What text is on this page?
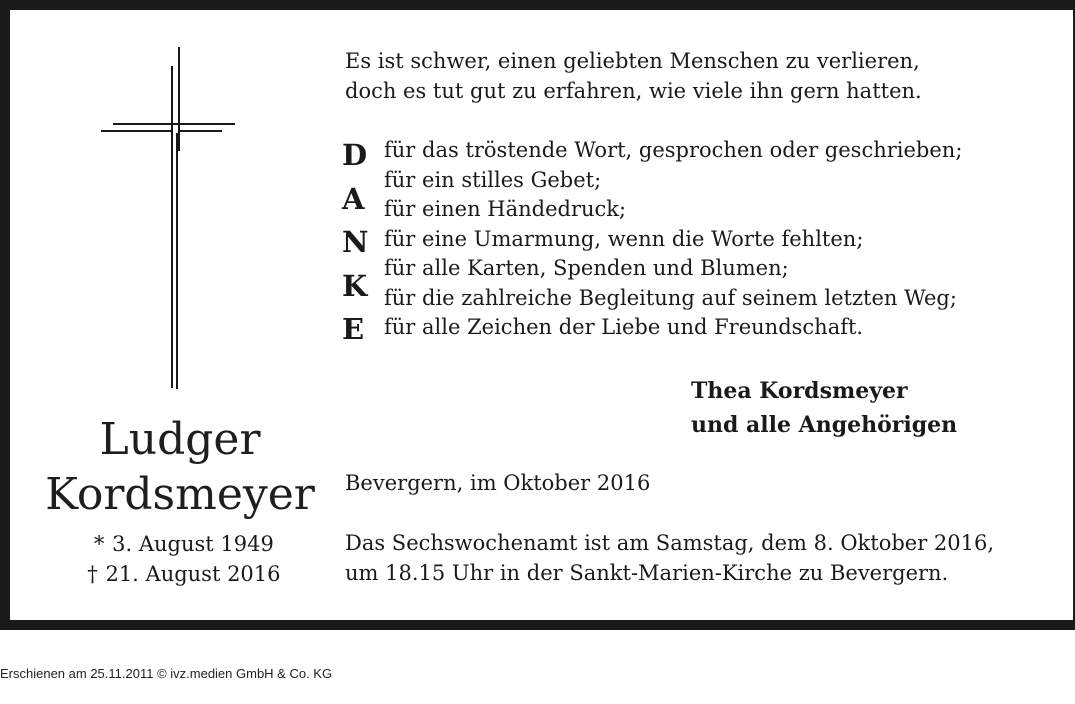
Ludger
Kordsmeyer
* 3. August 1949
† 21. August 2016
Es ist schwer, einen geliebten Menschen zu verlieren,
doch es tut gut zu erfahren, wie viele ihn gern hatten.
D
A
N
K
E
für das tröstende Wort, gesprochen oder geschrieben;
für ein stilles Gebet;
für einen Händedruck;
für eine Umarmung, wenn die Worte fehlten;
für alle Karten, Spenden und Blumen;
für die zahlreiche Begleitung auf seinem letzten Weg;
für alle Zeichen der Liebe und Freundschaft.
Thea Kordsmeyer
und alle Angehörigen
Bevergern, im Oktober 2016
Das Sechswochenamt ist am Samstag, dem 8. Oktober 2016,
um 18.15 Uhr in der Sankt-Marien-Kirche zu Bevergern.
Erschienen am 25.11.2011 © ivz.medien GmbH & Co. KG
